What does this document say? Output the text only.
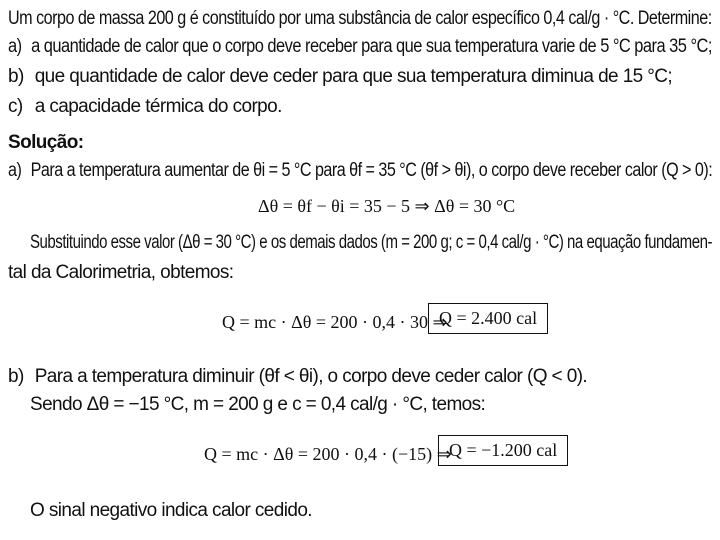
Um corpo de massa 200 g é constituído por uma substância de calor específico 0,4 cal/g · °C. Determine:
a) a quantidade de calor que o corpo deve receber para que sua temperatura varie de 5 °C para 35 °C;
b) que quantidade de calor deve ceder para que sua temperatura diminua de 15 °C;
c) a capacidade térmica do corpo.
Solução:
a) Para a temperatura aumentar de θi = 5 °C para θf = 35 °C (θf > θi), o corpo deve receber calor (Q > 0):
Δθ = θf − θi = 35 − 5 ⇒ Δθ = 30 °C
Substituindo esse valor (Δθ = 30 °C) e os demais dados (m = 200 g; c = 0,4 cal/g · °C) na equação fundamen-
tal da Calorimetria, obtemos:
Q = mc · Δθ = 200 · 0,4 · 30 ⇒
Q = 2.400 cal
b) Para a temperatura diminuir (θf < θi), o corpo deve ceder calor (Q < 0).
Sendo Δθ = −15 °C, m = 200 g e c = 0,4 cal/g · °C, temos:
Q = mc · Δθ = 200 · 0,4 · (−15) ⇒
Q = −1.200 cal
O sinal negativo indica calor cedido.
